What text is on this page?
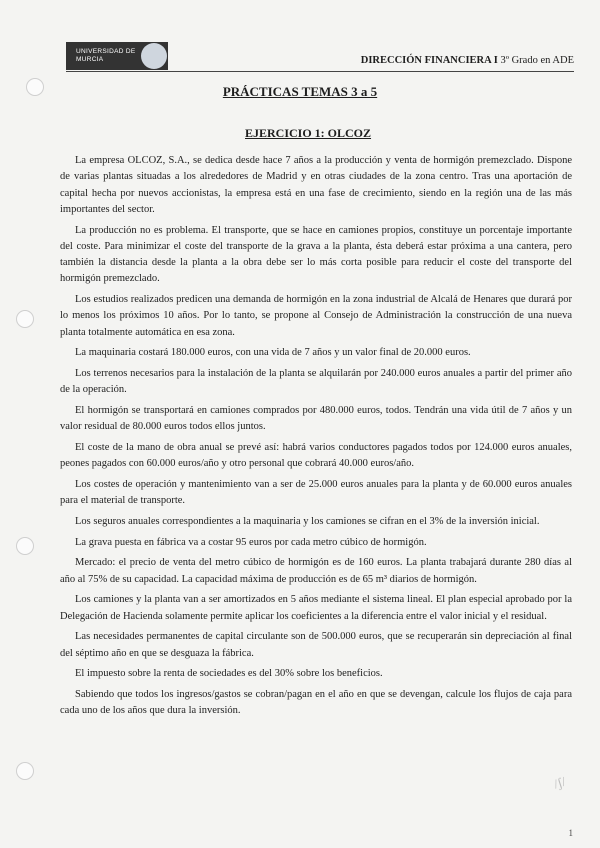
UNIVERSIDAD DE
MURCIA	DIRECCIÓN FINANCIERA I 3º Grado en ADE
PRÁCTICAS TEMAS 3 a 5
EJERCICIO 1: OLCOZ

La empresa OLCOZ, S.A., se dedica desde hace 7 años a la producción y venta de hormigón premezclado. Dispone de varias plantas situadas a los alrededores de Madrid y en otras ciudades de la zona centro. Tras una aportación de capital hecha por nuevos accionistas, la empresa está en una fase de crecimiento, siendo en la región una de las más importantes del sector.

La producción no es problema. El transporte, que se hace en camiones propios, constituye un porcentaje importante del coste. Para minimizar el coste del transporte de la grava a la planta, ésta deberá estar próxima a una cantera, pero también la distancia desde la planta a la obra debe ser lo más corta posible para reducir el coste del transporte del hormigón premezclado.

Los estudios realizados predicen una demanda de hormigón en la zona industrial de Alcalá de Henares que durará por lo menos los próximos 10 años. Por lo tanto, se propone al Consejo de Administración la construcción de una nueva planta totalmente automática en esa zona.

La maquinaria costará 180.000 euros, con una vida de 7 años y un valor final de 20.000 euros.

Los terrenos necesarios para la instalación de la planta se alquilarán por 240.000 euros anuales a partir del primer año de la operación.

El hormigón se transportará en camiones comprados por 480.000 euros, todos. Tendrán una vida útil de 7 años y un valor residual de 80.000 euros todos ellos juntos.

El coste de la mano de obra anual se prevé así: habrá varios conductores pagados todos por 124.000 euros anuales, peones pagados con 60.000 euros/año y otro personal que cobrará 40.000 euros/año.

Los costes de operación y mantenimiento van a ser de 25.000 euros anuales para la planta y de 60.000 euros anuales para el material de transporte.

Los seguros anuales correspondientes a la maquinaria y los camiones se cifran en el 3% de la inversión inicial.

La grava puesta en fábrica va a costar 95 euros por cada metro cúbico de hormigón.

Mercado: el precio de venta del metro cúbico de hormigón es de 160 euros. La planta trabajará durante 280 días al año al 75% de su capacidad. La capacidad máxima de producción es de 65 m³ diarios de hormigón.

Los camiones y la planta van a ser amortizados en 5 años mediante el sistema lineal. El plan especial aprobado por la Delegación de Hacienda solamente permite aplicar los coeficientes a la diferencia entre el valor inicial y el residual.

Las necesidades permanentes de capital circulante son de 500.000 euros, que se recuperarán sin depreciación al final del séptimo año en que se desguaza la fábrica.

El impuesto sobre la renta de sociedades es del 30% sobre los beneficios.

Sabiendo que todos los ingresos/gastos se cobran/pagan en el año en que se devengan, calcule los flujos de caja para cada uno de los años que dura la inversión.

/ʃ/
1
